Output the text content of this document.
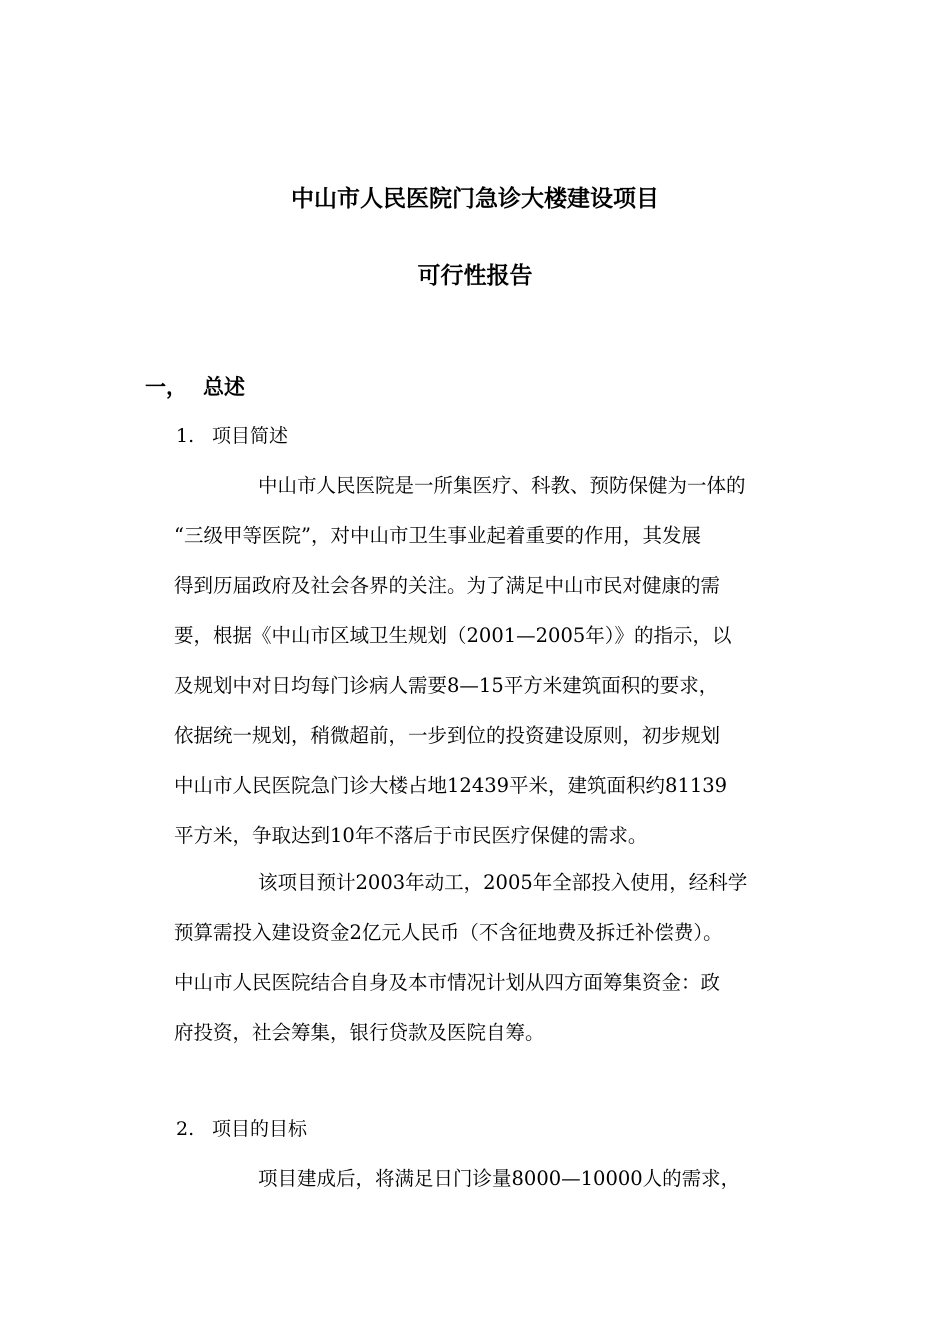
中山市人民医院门急诊大楼建设项目
可行性报告
一， 总述
1. 项目简述
中山市人民医院是一所集医疗、科教、预防保健为一体的
“三级甲等医院”，对中山市卫生事业起着重要的作用，其发展
得到历届政府及社会各界的关注。为了满足中山市民对健康的需
要，根据《中山市区域卫生规划（2001—2005年）》的指示，以
及规划中对日均每门诊病人需要8—15平方米建筑面积的要求，
依据统一规划，稍微超前，一步到位的投资建设原则，初步规划
中山市人民医院急门诊大楼占地12439平米，建筑面积约81139
平方米，争取达到10年不落后于市民医疗保健的需求。
该项目预计2003年动工，2005年全部投入使用，经科学
预算需投入建设资金2亿元人民币（不含征地费及拆迁补偿费）。
中山市人民医院结合自身及本市情况计划从四方面筹集资金：政
府投资，社会筹集，银行贷款及医院自筹。
2. 项目的目标
项目建成后，将满足日门诊量8000—10000人的需求，
